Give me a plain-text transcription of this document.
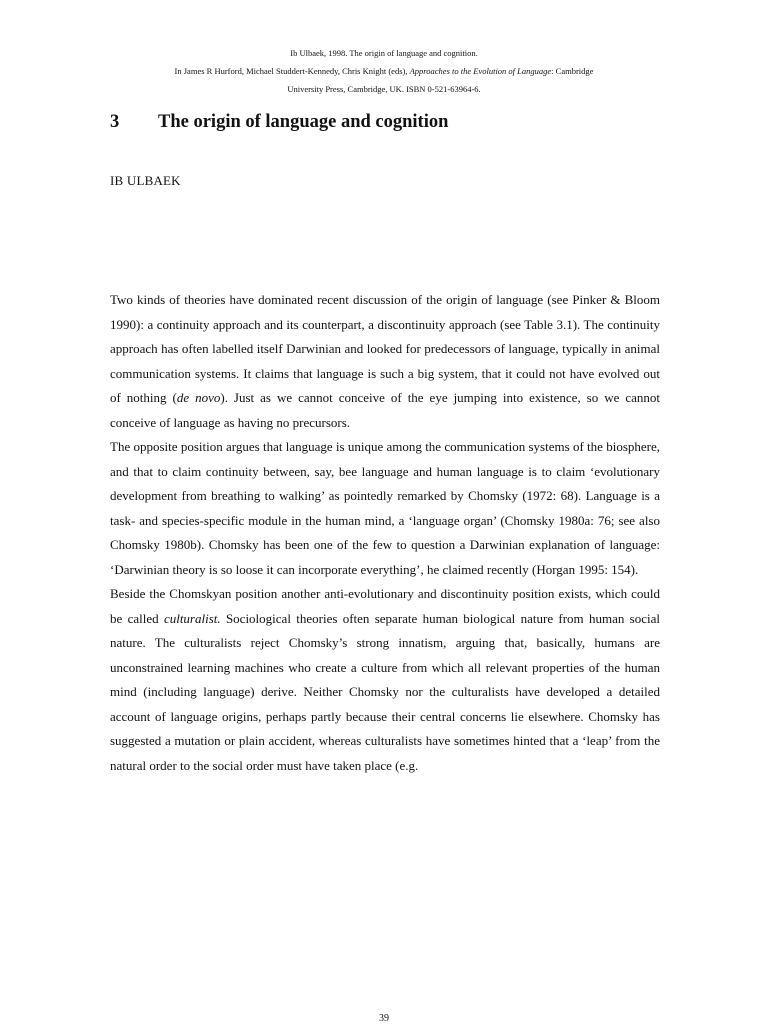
Ib Ulbaek, 1998. The origin of language and cognition.
In James R Hurford, Michael Studdert-Kennedy, Chris Knight (eds), Approaches to the Evolution of Language: Cambridge
University Press, Cambridge, UK. ISBN 0-521-63964-6.
3 The origin of language and cognition
IB ULBAEK

Two kinds of theories have dominated recent discussion of the origin of language (see Pinker & Bloom 1990): a continuity approach and its counterpart, a discontinuity approach (see Table 3.1). The continuity approach has often labelled itself Darwinian and looked for predecessors of language, typically in animal communication systems. It claims that language is such a big system, that it could not have evolved out of nothing (de novo). Just as we cannot conceive of the eye jumping into existence, so we cannot conceive of language as having no precursors.

The opposite position argues that language is unique among the communication systems of the biosphere, and that to claim continuity between, say, bee language and human language is to claim ‘evolutionary development from breathing to walking’ as pointedly remarked by Chomsky (1972: 68). Language is a task- and species-specific module in the human mind, a ‘language organ’ (Chomsky 1980a: 76; see also Chomsky 1980b). Chomsky has been one of the few to question a Darwinian explanation of language: ‘Darwinian theory is so loose it can incorporate everything’, he claimed recently (Horgan 1995: 154).

Beside the Chomskyan position another anti-evolutionary and discontinuity position exists, which could be called culturalist. Sociological theories often separate human biological nature from human social nature. The culturalists reject Chomsky’s strong innatism, arguing that, basically, humans are unconstrained learning machines who create a culture from which all relevant properties of the human mind (including language) derive. Neither Chomsky nor the culturalists have developed a detailed account of language origins, perhaps partly because their central concerns lie elsewhere. Chomsky has suggested a mutation or plain accident, whereas culturalists have sometimes hinted that a ‘leap’ from the natural order to the social order must have taken place (e.g.

39
